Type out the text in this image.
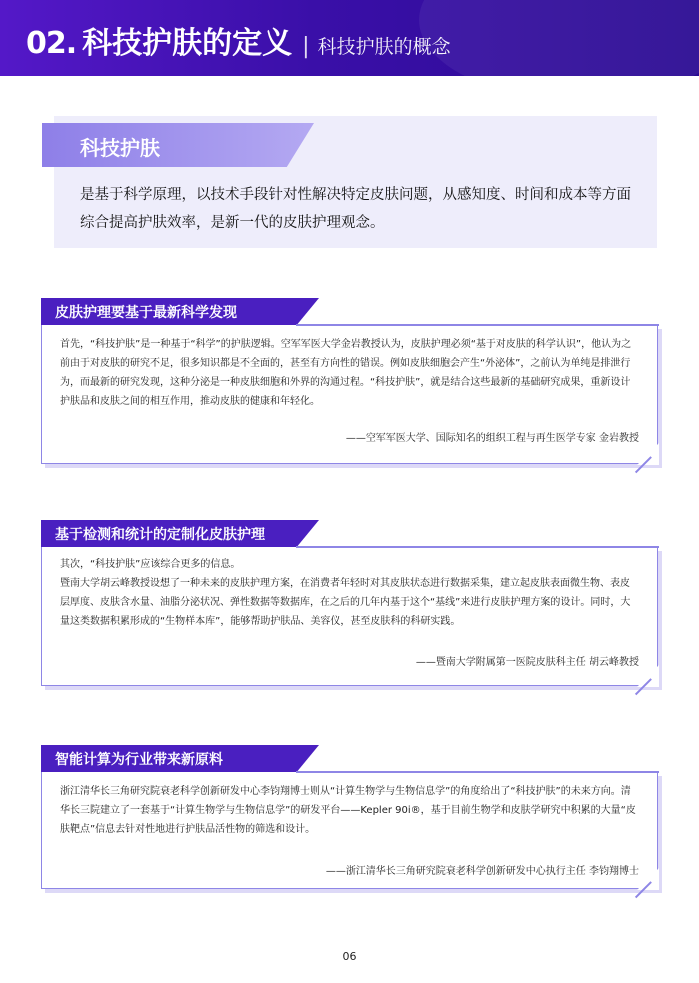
02. 科技护肤的定义 | 科技护肤的概念
科技护肤
是基于科学原理，以技术手段针对性解决特定皮肤问题，从感知度、时间和成本等方面综合提高护肤效率，是新一代的皮肤护理观念。
皮肤护理要基于最新科学发现

首先，“科技护肤”是一种基于“科学”的护肤逻辑。空军军医大学金岩教授认为，皮肤护理必须“基于对皮肤的科学认识”，他认为之前由于对皮肤的研究不足，很多知识都是不全面的，甚至有方向性的错误。例如皮肤细胞会产生“外泌体”，之前认为单纯是排泄行为，而最新的研究发现，这种分泌是一种皮肤细胞和外界的沟通过程。“科技护肤”，就是结合这些最新的基础研究成果，重新设计护肤品和皮肤之间的相互作用，推动皮肤的健康和年轻化。

——空军军医大学、国际知名的组织工程与再生医学专家 金岩教授
基于检测和统计的定制化皮肤护理

其次，“科技护肤”应该综合更多的信息。

暨南大学胡云峰教授设想了一种未来的皮肤护理方案，在消费者年轻时对其皮肤状态进行数据采集，建立起皮肤表面微生物、表皮层厚度、皮肤含水量、油脂分泌状况、弹性数据等数据库，在之后的几年内基于这个“基线”来进行皮肤护理方案的设计。同时，大量这类数据积累形成的“生物样本库”，能够帮助护肤品、美容仪，甚至皮肤科的科研实践。

——暨南大学附属第一医院皮肤科主任 胡云峰教授
智能计算为行业带来新原料

浙江清华长三角研究院衰老科学创新研发中心李钧翔博士则从“计算生物学与生物信息学”的角度给出了“科技护肤”的未来方向。清华长三院建立了一套基于“计算生物学与生物信息学”的研发平台——Kepler 90i®，基于目前生物学和皮肤学研究中积累的大量“皮肤靶点”信息去针对性地进行护肤品活性物的筛选和设计。

——浙江清华长三角研究院衰老科学创新研发中心执行主任 李钧翔博士
06
